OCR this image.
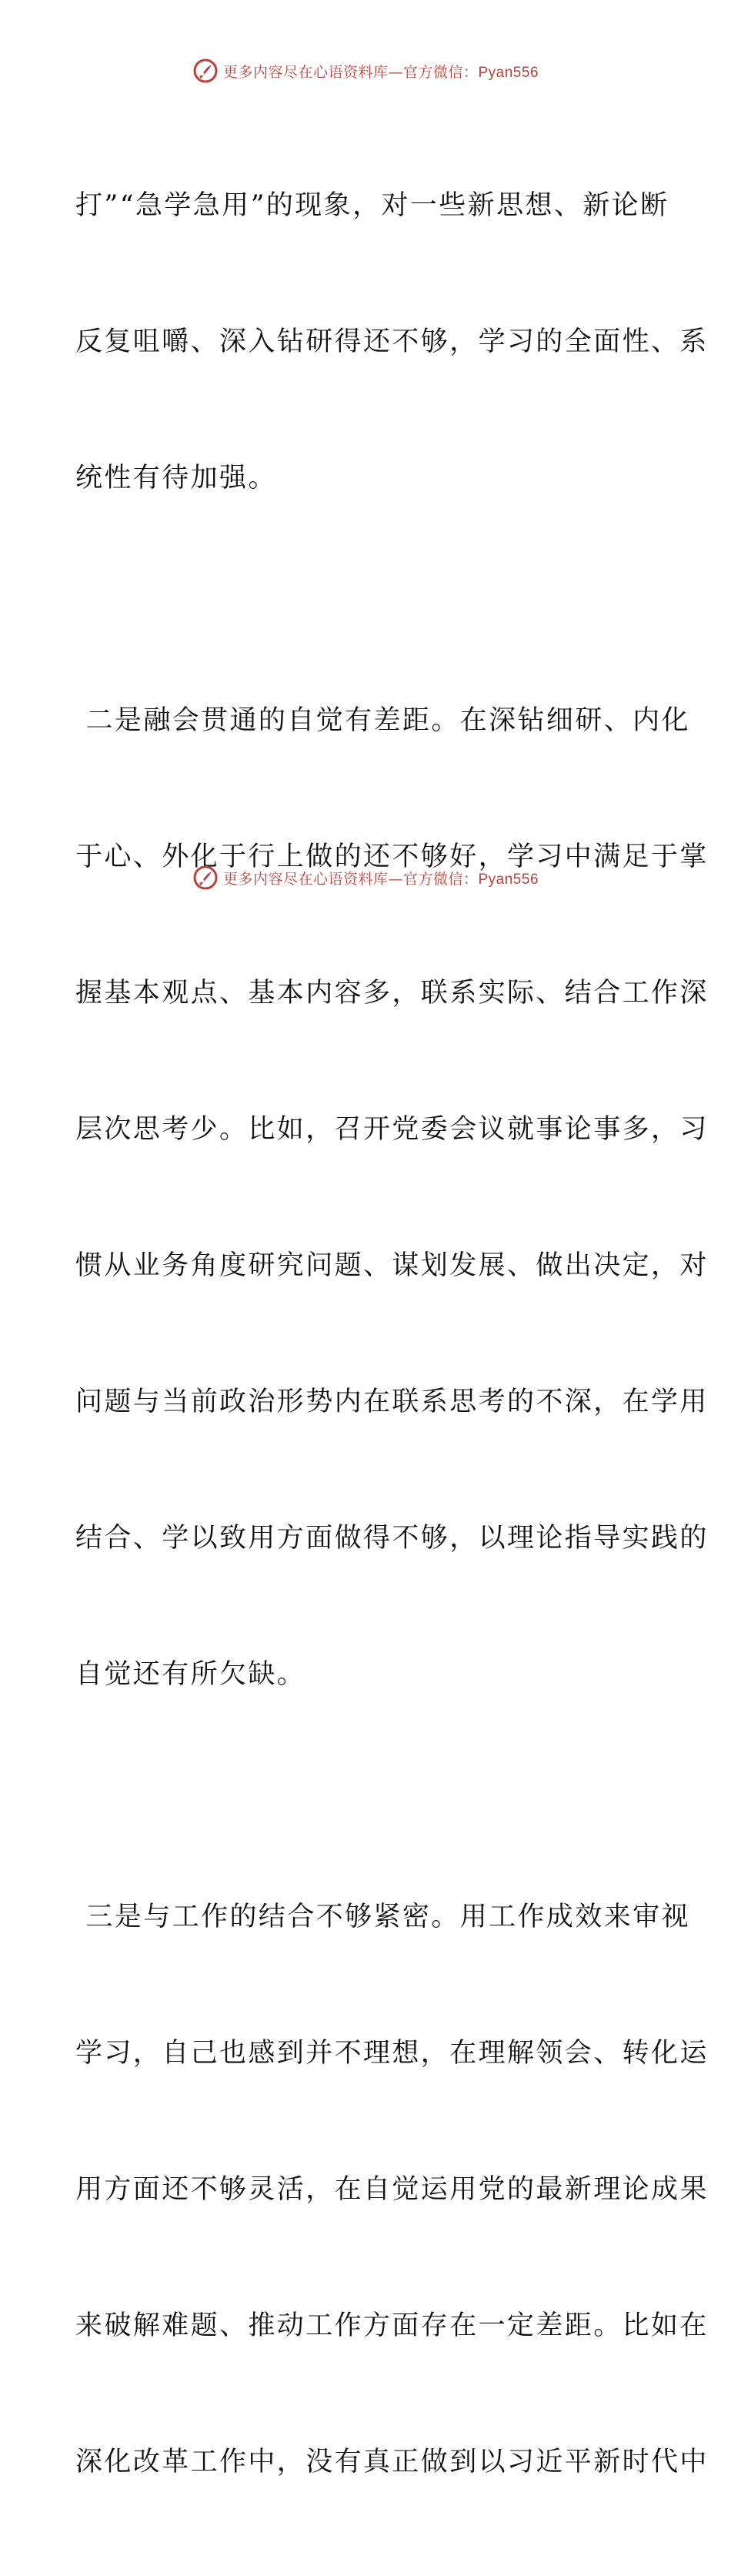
更多内容尽在心语资料库—官方微信：Pyan556

打”“急学急用”的现象，对一些新思想、新论断

反复咀嚼、深入钻研得还不够，学习的全面性、系

统性有待加强。

二是融会贯通的自觉有差距。在深钻细研、内化

于心、外化于行上做的还不够好，学习中满足于掌

握基本观点、基本内容多，联系实际、结合工作深

层次思考少。比如，召开党委会议就事论事多，习

惯从业务角度研究问题、谋划发展、做出决定，对

问题与当前政治形势内在联系思考的不深，在学用

结合、学以致用方面做得不够，以理论指导实践的

自觉还有所欠缺。

三是与工作的结合不够紧密。用工作成效来审视

学习，自己也感到并不理想，在理解领会、转化运

用方面还不够灵活，在自觉运用党的最新理论成果

来破解难题、推动工作方面存在一定差距。比如在

深化改革工作中，没有真正做到以习近平新时代中

更多内容尽在心语资料库—官方微信：Pyan556
